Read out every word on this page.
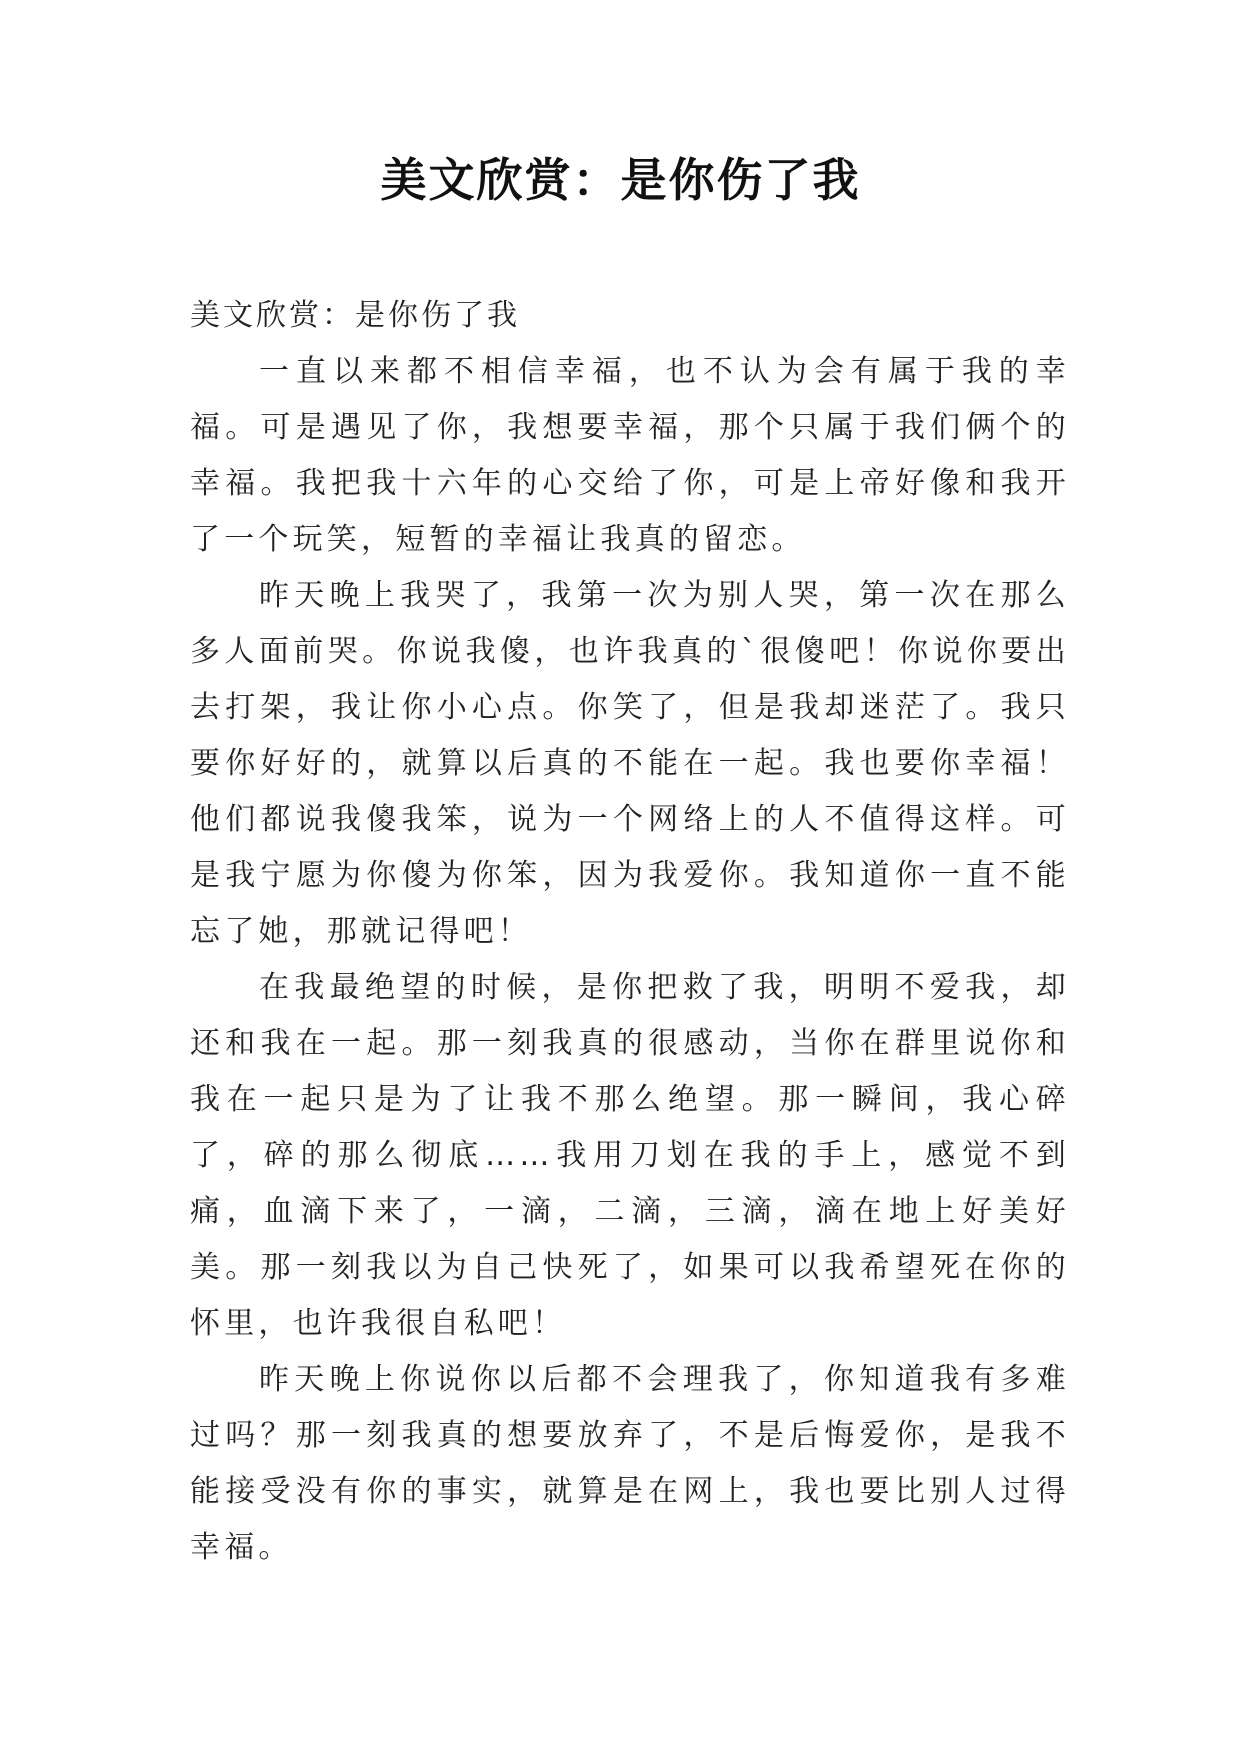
美文欣赏：是你伤了我

美文欣赏：是你伤了我

一直以来都不相信幸福，也不认为会有属于我的幸福。可是遇见了你，我想要幸福，那个只属于我们俩个的幸福。我把我十六年的心交给了你，可是上帝好像和我开了一个玩笑，短暂的幸福让我真的留恋。

昨天晚上我哭了，我第一次为别人哭，第一次在那么多人面前哭。你说我傻，也许我真的`很傻吧！你说你要出去打架，我让你小心点。你笑了，但是我却迷茫了。我只要你好好的，就算以后真的不能在一起。我也要你幸福！他们都说我傻我笨，说为一个网络上的人不值得这样。可是我宁愿为你傻为你笨，因为我爱你。我知道你一直不能忘了她，那就记得吧！

在我最绝望的时候，是你把救了我，明明不爱我，却还和我在一起。那一刻我真的很感动，当你在群里说你和我在一起只是为了让我不那么绝望。那一瞬间，我心碎了，碎的那么彻底……我用刀划在我的手上，感觉不到痛，血滴下来了，一滴，二滴，三滴，滴在地上好美好美。那一刻我以为自己快死了，如果可以我希望死在你的怀里，也许我很自私吧！

昨天晚上你说你以后都不会理我了，你知道我有多难过吗？那一刻我真的想要放弃了，不是后悔爱你，是我不能接受没有你的事实，就算是在网上，我也要比别人过得幸福。
